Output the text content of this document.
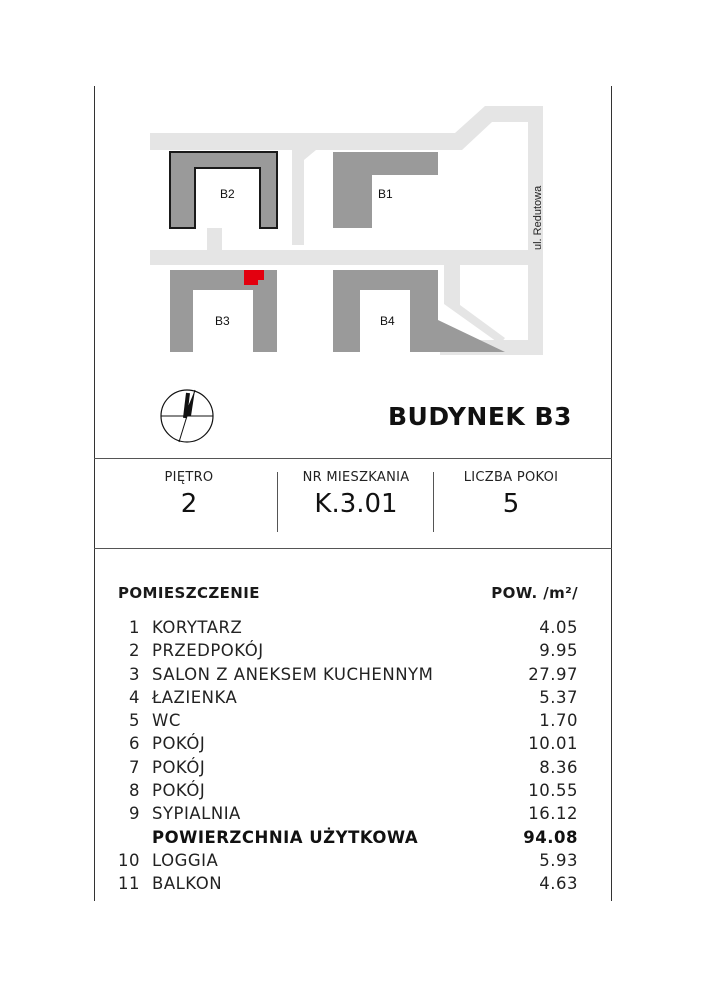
B2	B1
B3	B4
ul. Redutowa
BUDYNEK B3
PIĘTRO
2
NR MIESZKANIA
K.3.01
LICZBA POKOI
5
POMIESZCZENIE	POW. /m²/
1 KORYTARZ	4.05
2 PRZEDPOKÓJ	9.95
3 SALON Z ANEKSEM KUCHENNYM	27.97
4 ŁAZIENKA	5.37
5 WC	1.70
6 POKÓJ	10.01
7 POKÓJ	8.36
8 POKÓJ	10.55
9 SYPIALNIA	16.12
POWIERZCHNIA UŻYTKOWA	94.08
10 LOGGIA	5.93
11 BALKON	4.63
